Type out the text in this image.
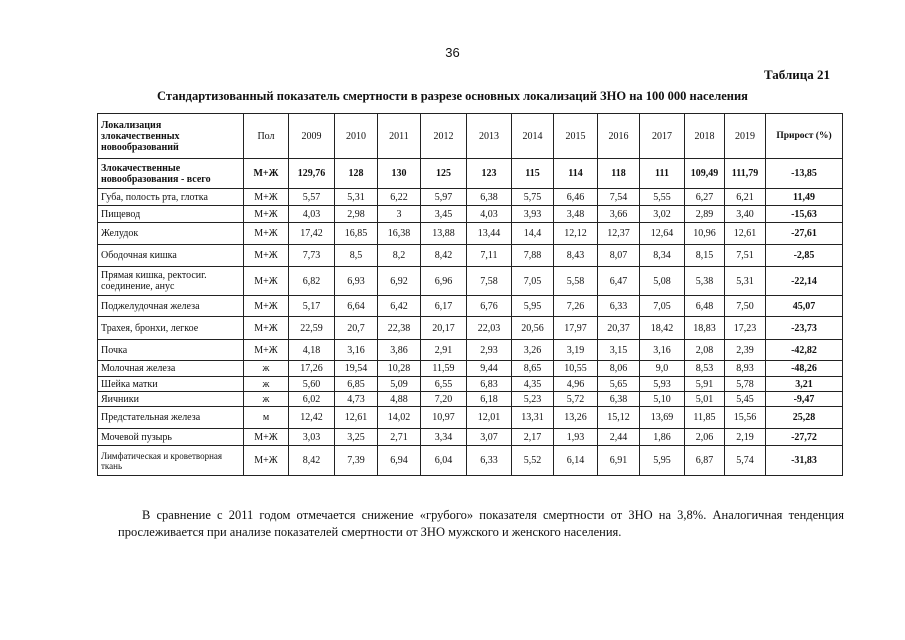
36
Таблица 21
Стандартизованный показатель смертности в разрезе основных локализаций ЗНО на 100 000 населения
Локализация злокачественных новообразований	Пол	2009	2010	2011	2012	2013	2014	2015	2016	2017	2018	2019	Прирост (%)
Злокачественные новообразования - всего	М+Ж	129,76	128	130	125	123	115	114	118	111	109,49	111,79	-13,85
Губа, полость рта, глотка	М+Ж	5,57	5,31	6,22	5,97	6,38	5,75	6,46	7,54	5,55	6,27	6,21	11,49
Пищевод	М+Ж	4,03	2,98	3	3,45	4,03	3,93	3,48	3,66	3,02	2,89	3,40	-15,63
Желудок	М+Ж	17,42	16,85	16,38	13,88	13,44	14,4	12,12	12,37	12,64	10,96	12,61	-27,61
Ободочная кишка	М+Ж	7,73	8,5	8,2	8,42	7,11	7,88	8,43	8,07	8,34	8,15	7,51	-2,85
Прямая кишка, ректосиг. соединение, анус	М+Ж	6,82	6,93	6,92	6,96	7,58	7,05	5,58	6,47	5,08	5,38	5,31	-22,14
Поджелудочная железа	М+Ж	5,17	6,64	6,42	6,17	6,76	5,95	7,26	6,33	7,05	6,48	7,50	45,07
Трахея, бронхи, легкое	М+Ж	22,59	20,7	22,38	20,17	22,03	20,56	17,97	20,37	18,42	18,83	17,23	-23,73
Почка	М+Ж	4,18	3,16	3,86	2,91	2,93	3,26	3,19	3,15	3,16	2,08	2,39	-42,82
Молочная железа	ж	17,26	19,54	10,28	11,59	9,44	8,65	10,55	8,06	9,0	8,53	8,93	-48,26
Шейка матки	ж	5,60	6,85	5,09	6,55	6,83	4,35	4,96	5,65	5,93	5,91	5,78	3,21
Яичники	ж	6,02	4,73	4,88	7,20	6,18	5,23	5,72	6,38	5,10	5,01	5,45	-9,47
Предстательная железа	м	12,42	12,61	14,02	10,97	12,01	13,31	13,26	15,12	13,69	11,85	15,56	25,28
Мочевой пузырь	М+Ж	3,03	3,25	2,71	3,34	3,07	2,17	1,93	2,44	1,86	2,06	2,19	-27,72
Лимфатическая и кроветворная ткань	М+Ж	8,42	7,39	6,94	6,04	6,33	5,52	6,14	6,91	5,95	6,87	5,74	-31,83
В сравнение с 2011 годом отмечается снижение «грубого» показателя смертности от ЗНО на 3,8%. Аналогичная тенденция прослеживается при анализе показателей смертности от ЗНО мужского и женского населения.
